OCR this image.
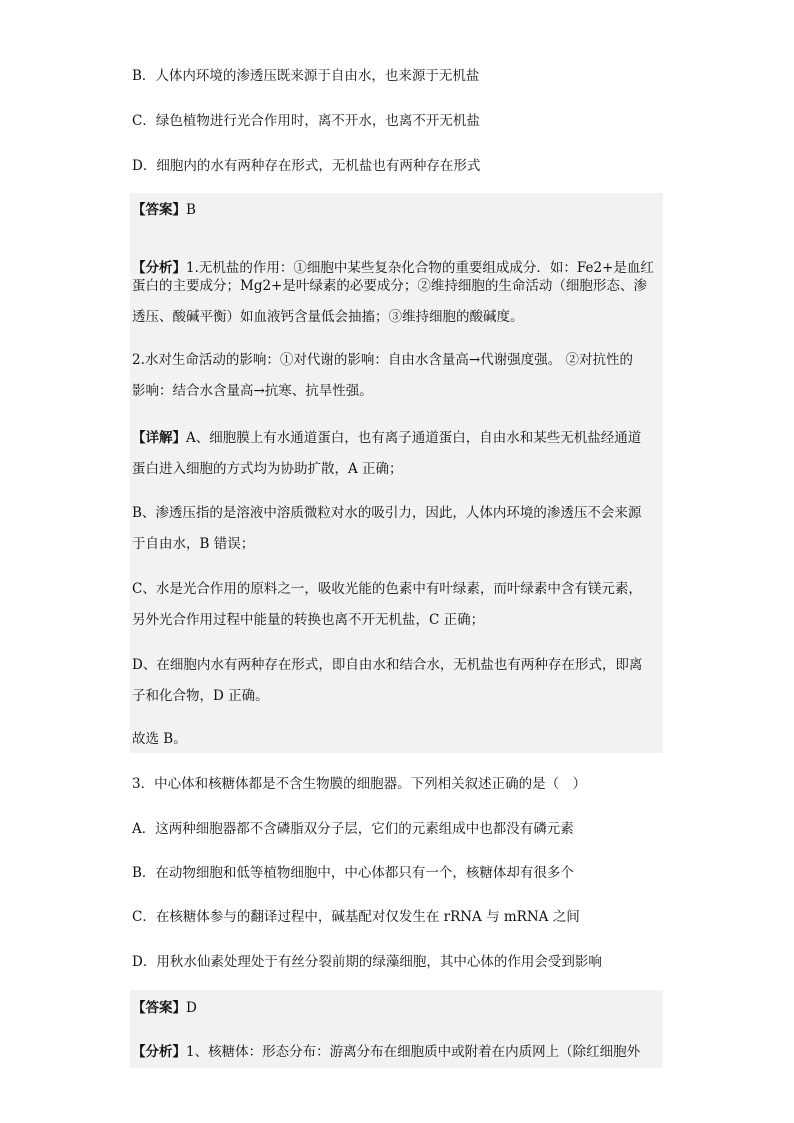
B．人体内环境的渗透压既来源于自由水，也来源于无机盐
C．绿色植物进行光合作用时，离不开水，也离不开无机盐
D．细胞内的水有两种存在形式，无机盐也有两种存在形式
【答案】B
【分析】1.无机盐的作用：①细胞中某些复杂化合物的重要组成成分．如：Fe2+是血红
蛋白的主要成分；Mg2+是叶绿素的必要成分；②维持细胞的生命活动（细胞形态、渗
透压、酸碱平衡）如血液钙含量低会抽搐；③维持细胞的酸碱度。
2.水对生命活动的影响：①对代谢的影响：自由水含量高→代谢强度强。 ②对抗性的
影响：结合水含量高→抗寒、抗旱性强。
【详解】A、细胞膜上有水通道蛋白，也有离子通道蛋白，自由水和某些无机盐经通道
蛋白进入细胞的方式均为协助扩散，A 正确；
B、渗透压指的是溶液中溶质微粒对水的吸引力，因此，人体内环境的渗透压不会来源
于自由水，B 错误；
C、水是光合作用的原料之一，吸收光能的色素中有叶绿素，而叶绿素中含有镁元素，
另外光合作用过程中能量的转换也离不开无机盐，C 正确；
D、在细胞内水有两种存在形式，即自由水和结合水，无机盐也有两种存在形式，即离
子和化合物，D 正确。
故选 B。
3．中心体和核糖体都是不含生物膜的细胞器。下列相关叙述正确的是（　）
A．这两种细胞器都不含磷脂双分子层，它们的元素组成中也都没有磷元素
B．在动物细胞和低等植物细胞中，中心体都只有一个，核糖体却有很多个
C．在核糖体参与的翻译过程中，碱基配对仅发生在 rRNA 与 mRNA 之间
D．用秋水仙素处理处于有丝分裂前期的绿藻细胞，其中心体的作用会受到影响
【答案】D
【分析】1、核糖体：形态分布：游离分布在细胞质中或附着在内质网上（除红细胞外
